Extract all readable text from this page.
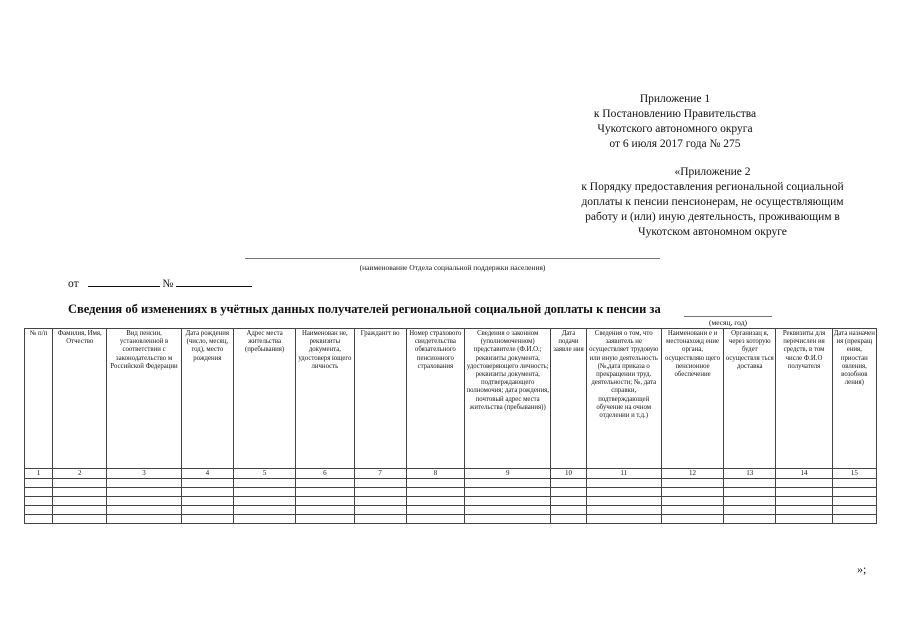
Приложение 1
к Постановлению Правительства
Чукотского автономного округа
от 6 июля 2017 года № 275
«Приложение 2
к Порядку предоставления региональной социальной
доплаты к пенсии пенсионерам, не осуществляющим
работу и (или) иную деятельность, проживающим в
Чукотском автономном округе
(наименование Отдела социальной поддержки населения)
от	№
Сведения об изменениях в учётных данных получателей региональной социальной доплаты к пенсии за
(месяц, год)
№ п/п	Фамилия, Имя, Отчество	Вид пенсии, установленной в соответствии с законодательство м Российской Федерации	Дата рождения (число, месяц, год), место рождения	Адрес места жительства (пребывания)	Наименован не, реквизиты документа, удостоверя ющего личность	Граждангт во	Номер страхового свидетельства обязательного пенсионного страхования	Сведения о законном (уполномоченном) представителе (Ф.И.О.; реквизиты документа, удостоверяющего личность; реквизиты документа, подтверждающего полномочия; дата рождения, почтовый адрес места жительства (пребывания))	Дата подачи заявле ния	Сведения о том, что заявитель не осуществляет трудовую или иную деятельность (№,дата приказа о прекращении труд. деятельности; №, дата справки, подтверждающей обучение на очном отделении и т.д.)	Наименовани е и местонахожд ение органа, осуществляю щего пенсионное обеспечение	Организац я, через которую будет осуществля ться доставка	Реквизиты для перечислен ия средств, в том числе Ф.И.О получателя	Дата назначен ия (прекращ ения, приостан овления, возобнов ления)
1	2	3	4	5	6	7	8	9	10	11	12	13	14	15

»;
